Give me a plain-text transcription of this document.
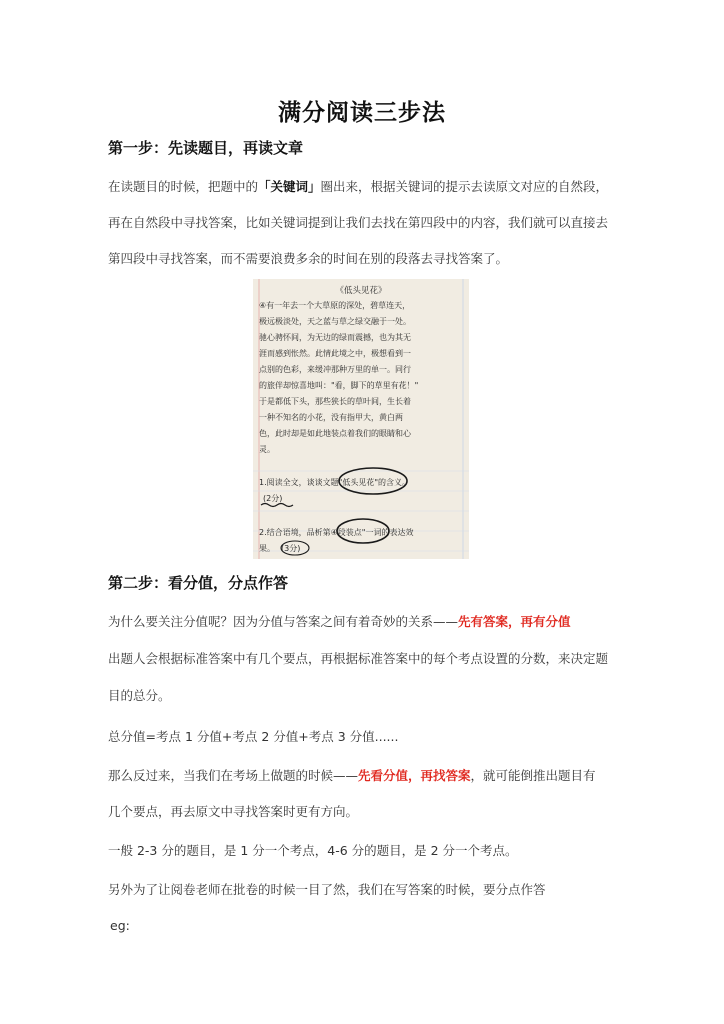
满分阅读三步法
第一步：先读题目，再读文章
在读题目的时候，把题中的「关键词」圈出来，根据关键词的提示去读原文对应的自然段，
再在自然段中寻找答案，比如关键词提到让我们去找在第四段中的内容，我们就可以直接去
第四段中寻找答案，而不需要浪费多余的时间在别的段落去寻找答案了。
《低头见花》
④有一年去一个大草原的深处，碧草连天，
极远极淡处，天之蓝与草之绿交融于一处。
驰心骋怀间，为无边的绿而震撼，也为其无
涯而感到怅然。此情此境之中，极想看到一
点别的色彩，来缓冲那种万里的单一。同行
的旅伴却惊喜地叫："看，脚下的草里有花！"
于是都低下头，那些狭长的草叶间，生长着
一种不知名的小花，没有指甲大，黄白两
色，此时却是如此地装点着我们的眼睛和心
灵。
1.阅读全文，谈谈文题"低头见花"的含义。
(2分)
2.结合语境，品析第④段装点"一词的表达效
果。 (3分)
第二步：看分值，分点作答
为什么要关注分值呢？因为分值与答案之间有着奇妙的关系——先有答案，再有分值
出题人会根据标准答案中有几个要点，再根据标准答案中的每个考点设置的分数，来决定题
目的总分。
总分值=考点 1 分值+考点 2 分值+考点 3 分值......
那么反过来，当我们在考场上做题的时候——先看分值，再找答案，就可能倒推出题目有
几个要点，再去原文中寻找答案时更有方向。
一般 2-3 分的题目，是 1 分一个考点，4-6 分的题目，是 2 分一个考点。
另外为了让阅卷老师在批卷的时候一目了然，我们在写答案的时候，要分点作答
eg:
